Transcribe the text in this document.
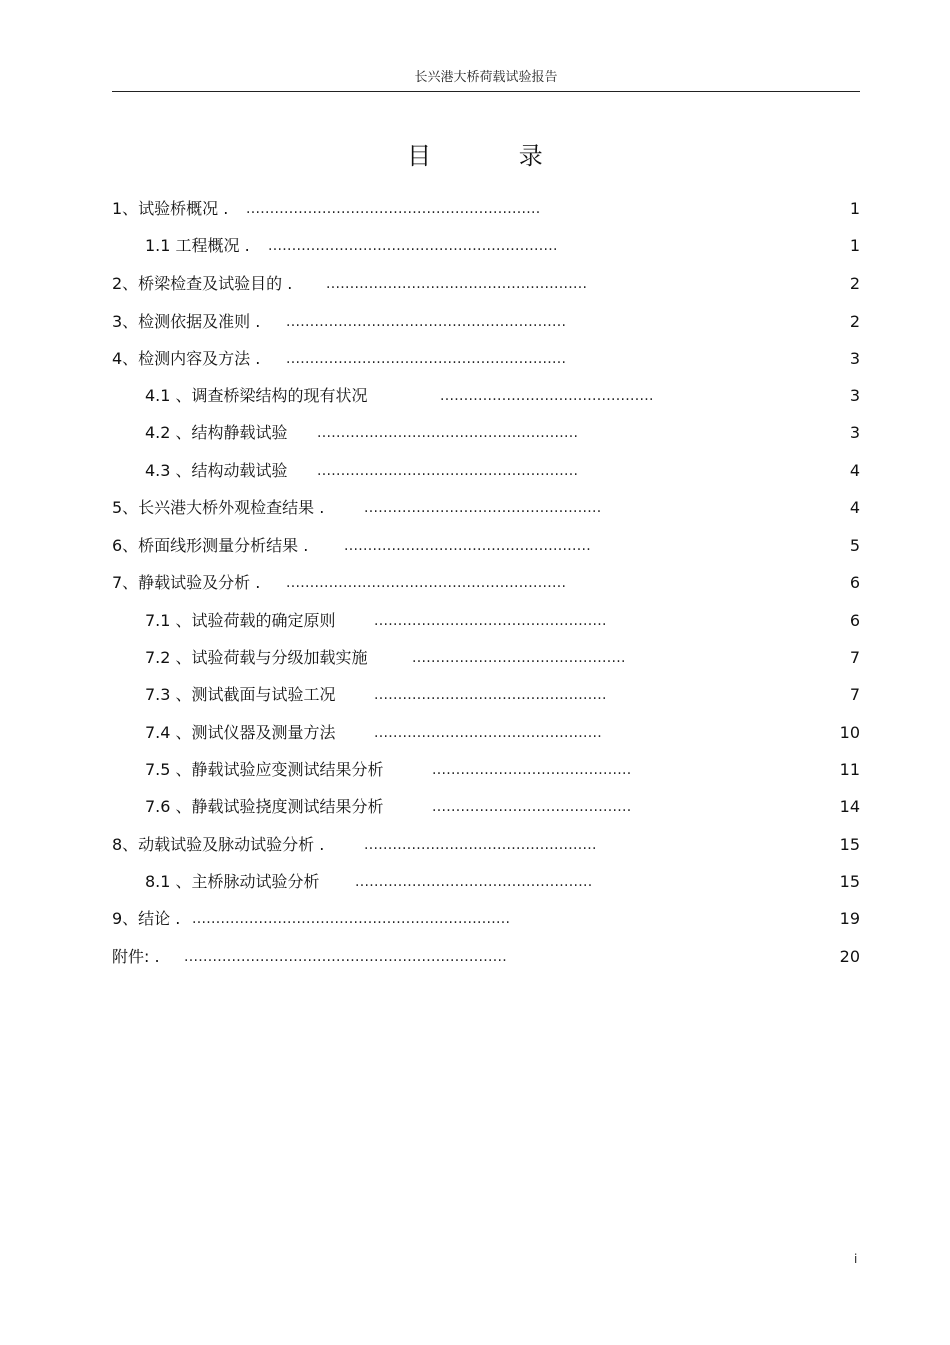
长兴港大桥荷载试验报告
目 录
1、试验桥概况 . ..............................................................	1
1.1 工程概况 . .............................................................	1
2、桥梁检查及试验目的 . .......................................................	2
3、检测依据及准则 . ...........................................................	2
4、检测内容及方法 . ...........................................................	3
4.1 、调查桥梁结构的现有状况	.............................................	3
4.2 、结构静载试验 .......................................................	3
4.3 、结构动载试验 .......................................................	4
5、长兴港大桥外观检查结果 .	..................................................	4
6、桥面线形测量分析结果 .	....................................................	5
7、静载试验及分析 . ...........................................................	6
7.1 、试验荷载的确定原则	.................................................	6
7.2 、试验荷载与分级加载实施	.............................................	7
7.3 、测试截面与试验工况	.................................................	7
7.4 、测试仪器及测量方法	................................................	10
7.5 、静载试验应变测试结果分析	..........................................	11
7.6 、静载试验挠度测试结果分析	..........................................	14
8、动载试验及脉动试验分析 .	.................................................	15
8.1 、主桥脉动试验分析	..................................................	15
9、结论 . ...................................................................	19
附件: . ....................................................................	20
i
